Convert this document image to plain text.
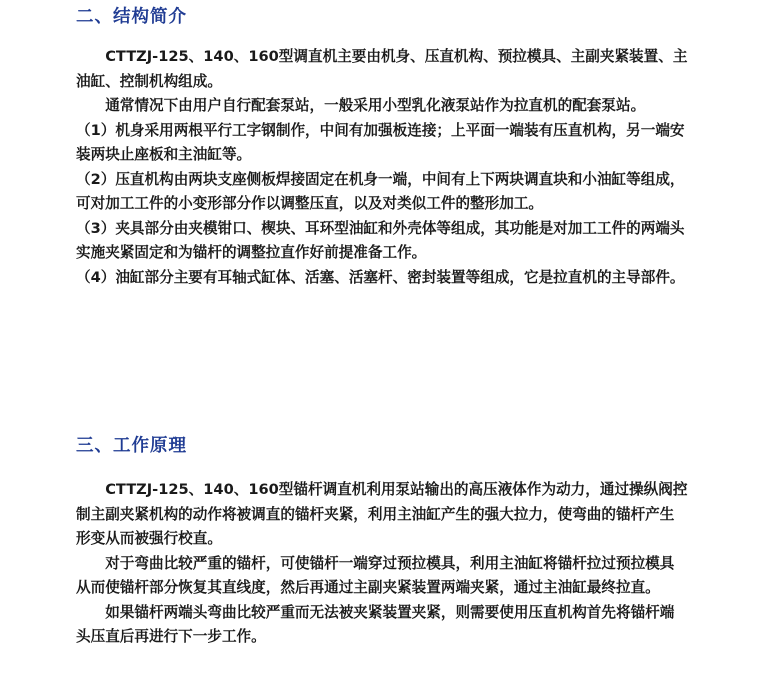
二、结构简介

CTTZJ-125、140、160型调直机主要由机身、压直机构、预拉模具、主副夹紧装置、主油缸、控制机构组成。

通常情况下由用户自行配套泵站，一般采用小型乳化液泵站作为拉直机的配套泵站。

（1）机身采用两根平行工字钢制作，中间有加强板连接；上平面一端装有压直机构，另一端安装两块止座板和主油缸等。

（2）压直机构由两块支座侧板焊接固定在机身一端，中间有上下两块调直块和小油缸等组成，可对加工工件的小变形部分作以调整压直，以及对类似工件的整形加工。

（3）夹具部分由夹模钳口、楔块、耳环型油缸和外壳体等组成，其功能是对加工工件的两端头实施夹紧固定和为锚杆的调整拉直作好前提准备工作。

（4）油缸部分主要有耳轴式缸体、活塞、活塞杆、密封装置等组成，它是拉直机的主导部件。

三、工作原理

CTTZJ-125、140、160型锚杆调直机利用泵站输出的高压液体作为动力，通过操纵阀控制主副夹紧机构的动作将被调直的锚杆夹紧，利用主油缸产生的强大拉力，使弯曲的锚杆产生形变从而被强行校直。

对于弯曲比较严重的锚杆，可使锚杆一端穿过预拉模具，利用主油缸将锚杆拉过预拉模具从而使锚杆部分恢复其直线度，然后再通过主副夹紧装置两端夹紧，通过主油缸最终拉直。

如果锚杆两端头弯曲比较严重而无法被夹紧装置夹紧，则需要使用压直机构首先将锚杆端头压直后再进行下一步工作。
